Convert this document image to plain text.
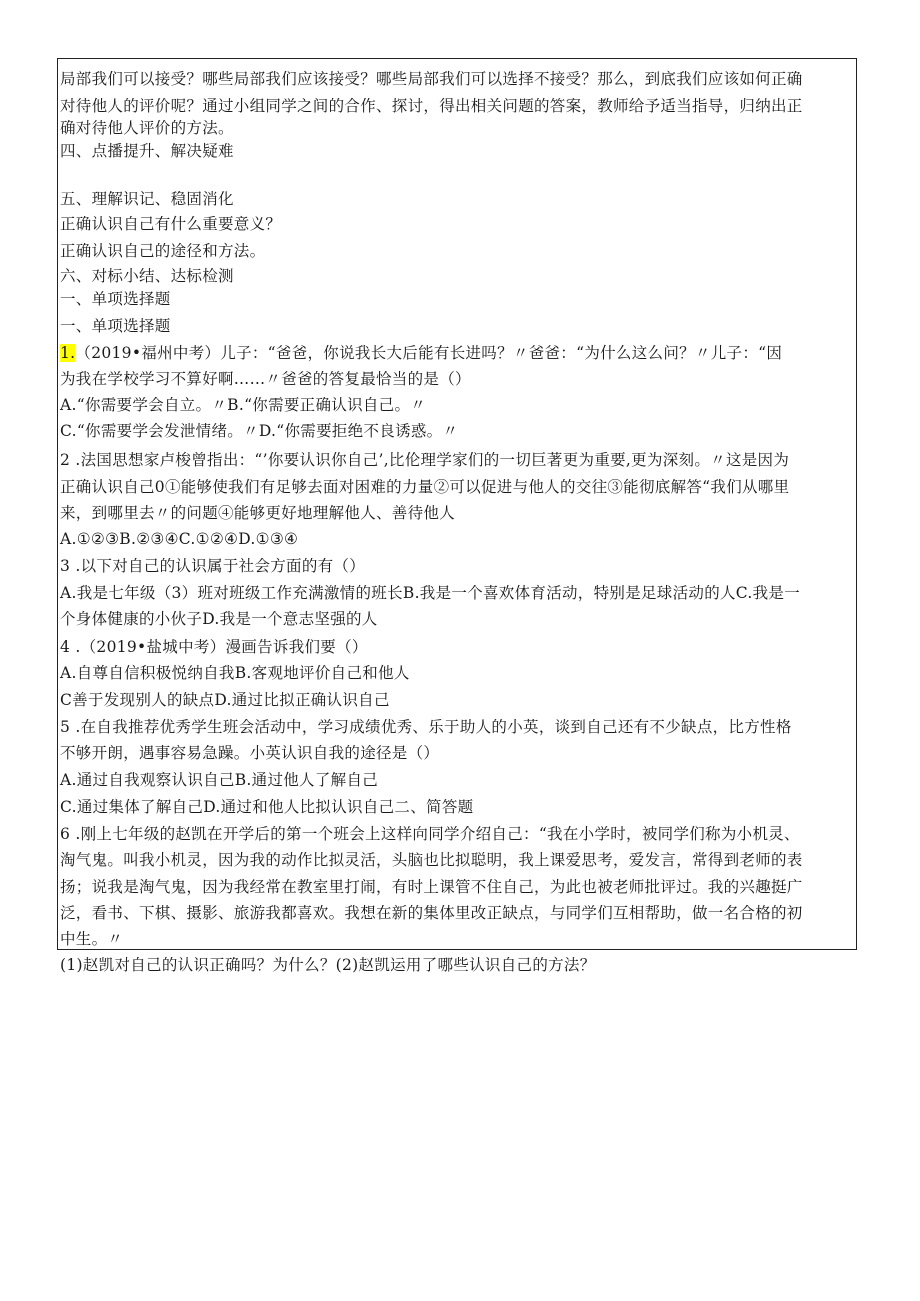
局部我们可以接受？哪些局部我们应该接受？哪些局部我们可以选择不接受？那么，到底我们应该如何正确
对待他人的评价呢？通过小组同学之间的合作、探讨，得出相关问题的答案，教师给予适当指导，归纳出正
确对待他人评价的方法。
四、点播提升、解决疑难
五、理解识记、稳固消化
正确认识自己有什么重要意义？
正确认识自己的途径和方法。
六、对标小结、达标检测
一、单项选择题
一、单项选择题
1.（2019•福州中考）儿子：“爸爸，你说我长大后能有长进吗？〃爸爸：“为什么这么问？〃儿子：“因
为我在学校学习不算好啊……〃爸爸的答复最恰当的是（）
A.“你需要学会自立。〃B.“你需要正确认识自己。〃
C.“你需要学会发泄情绪。〃D.“你需要拒绝不良诱惑。〃
2 .法国思想家卢梭曾指出：“’你要认识你自己’,比伦理学家们的一切巨著更为重要,更为深刻。〃这是因为
正确认识自己0①能够使我们有足够去面对困难的力量②可以促进与他人的交往③能彻底解答“我们从哪里
来，到哪里去〃的问题④能够更好地理解他人、善待他人
A.①②③B.②③④C.①②④D.①③④
3 .以下对自己的认识属于社会方面的有（）
A.我是七年级（3）班对班级工作充满激情的班长B.我是一个喜欢体育活动，特别是足球活动的人C.我是一
个身体健康的小伙子D.我是一个意志坚强的人
4 .（2019•盐城中考）漫画告诉我们要（）
A.自尊自信积极悦纳自我B.客观地评价自己和他人
C善于发现别人的缺点D.通过比拟正确认识自己
5 .在自我推荐优秀学生班会活动中，学习成绩优秀、乐于助人的小英，谈到自己还有不少缺点，比方性格
不够开朗，遇事容易急躁。小英认识自我的途径是（）
A.通过自我观察认识自己B.通过他人了解自己
C.通过集体了解自己D.通过和他人比拟认识自己二、简答题
6 .刚上七年级的赵凯在开学后的第一个班会上这样向同学介绍自己：“我在小学时，被同学们称为小机灵、
淘气鬼。叫我小机灵，因为我的动作比拟灵活，头脑也比拟聪明，我上课爱思考，爱发言，常得到老师的表
扬；说我是淘气鬼，因为我经常在教室里打闹，有时上课管不住自己，为此也被老师批评过。我的兴趣挺广
泛，看书、下棋、摄影、旅游我都喜欢。我想在新的集体里改正缺点，与同学们互相帮助，做一名合格的初
中生。〃
(1)赵凯对自己的认识正确吗？为什么？(2)赵凯运用了哪些认识自己的方法？
